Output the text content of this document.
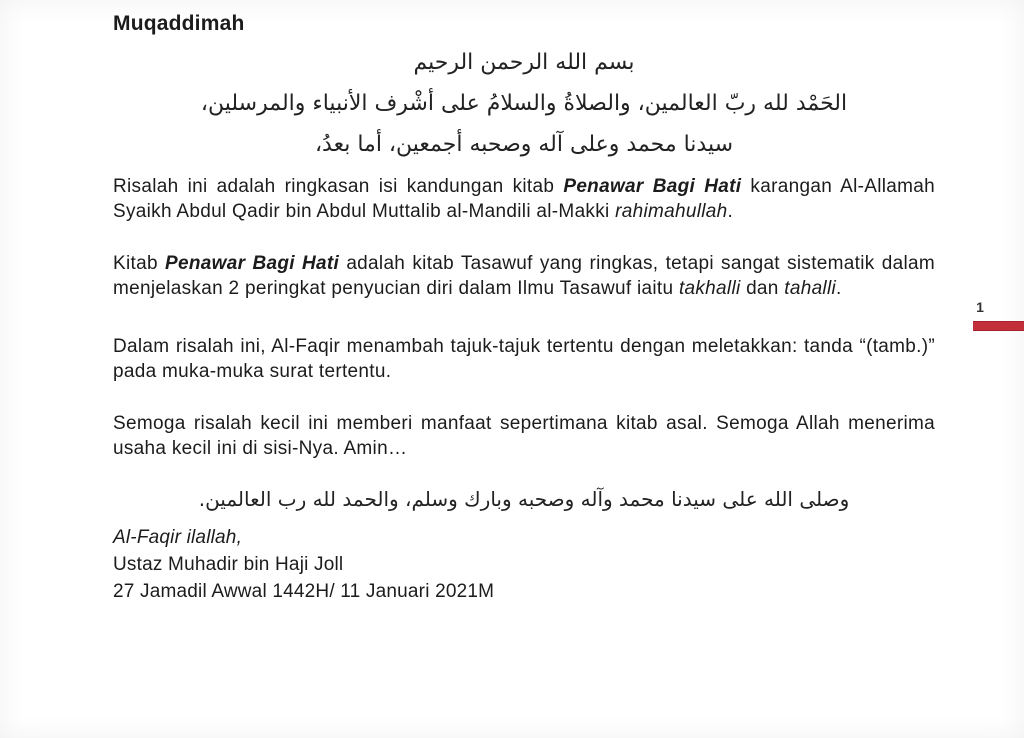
Muqaddimah
بسم الله الرحمن الرحيم
الحَمْد لله ربّ العالمين، والصلاةُ والسلامُ على أشْرف الأنبياء والمرسلين،
سيدنا محمد وعلى آله وصحبه أجمعين، أما بعدُ،

Risalah ini adalah ringkasan isi kandungan kitab Penawar Bagi Hati karangan Al-Allamah Syaikh Abdul Qadir bin Abdul Muttalib al-Mandili al-Makki rahimahullah.

Kitab Penawar Bagi Hati adalah kitab Tasawuf yang ringkas, tetapi sangat sistematik dalam menjelaskan 2 peringkat penyucian diri dalam Ilmu Tasawuf iaitu takhalli dan tahalli.

Dalam risalah ini, Al-Faqir menambah tajuk-tajuk tertentu dengan meletakkan: tanda “(tamb.)” pada muka-muka surat tertentu.

Semoga risalah kecil ini memberi manfaat sepertimana kitab asal. Semoga Allah menerima usaha kecil ini di sisi-Nya. Amin…

وصلى الله على سيدنا محمد وآله وصحبه وبارك وسلم، والحمد لله رب العالمين.
Al-Faqir ilallah,
Ustaz Muhadir bin Haji Joll
27 Jamadil Awwal 1442H/ 11 Januari 2021M
1
